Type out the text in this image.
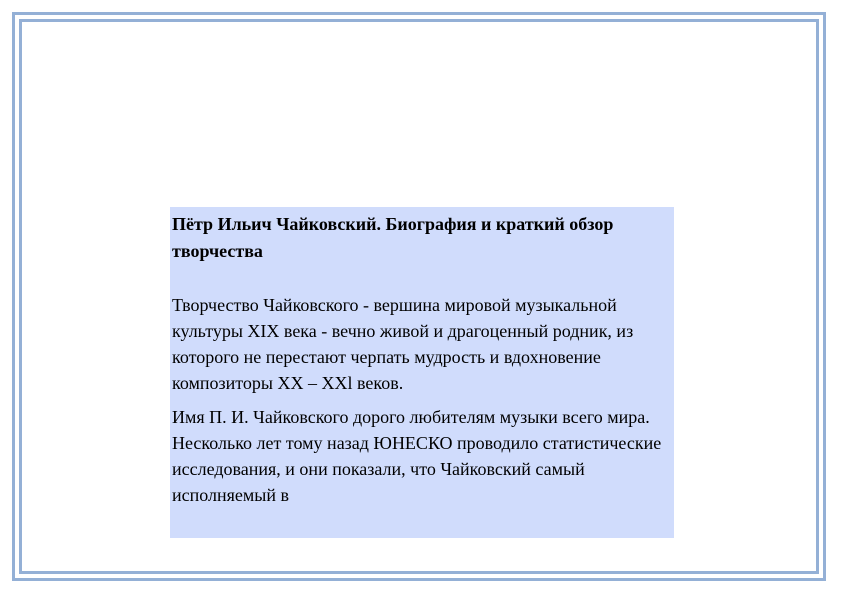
Пётр Ильич Чайковский. Биография и краткий обзор творчества
Творчество Чайковского - вершина мировой музыкальной культуры XIX века - вечно живой и драгоценный родник, из которого не перестают черпать мудрость и вдохновение композиторы XX – XXl веков.
Имя П. И. Чайковского дорого любителям музыки всего мира. Несколько лет тому назад ЮНЕСКО проводило статистические исследования, и они показали, что Чайковский самый исполняемый в
